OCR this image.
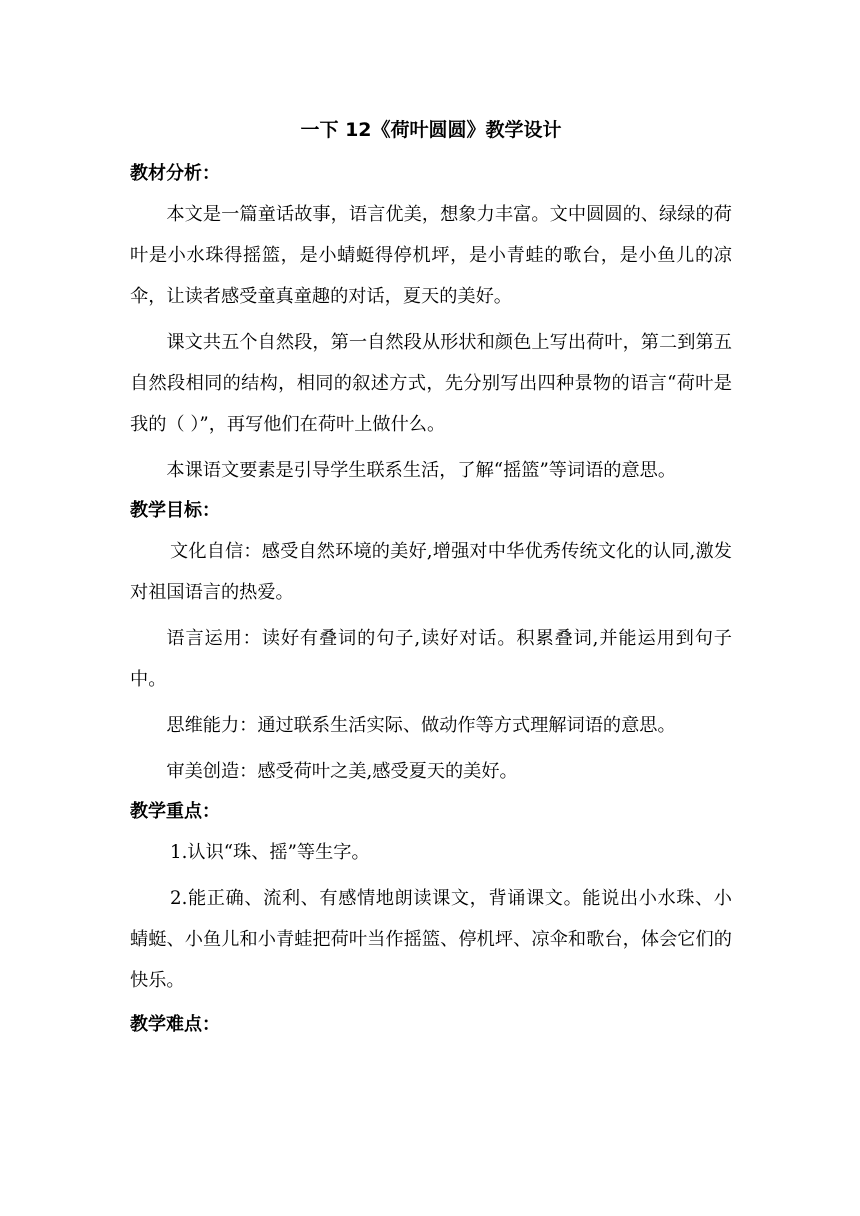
一下 12《荷叶圆圆》教学设计
教材分析：

本文是一篇童话故事，语言优美，想象力丰富。文中圆圆的、绿绿的荷叶是小水珠得摇篮，是小蜻蜓得停机坪，是小青蛙的歌台，是小鱼儿的凉伞，让读者感受童真童趣的对话，夏天的美好。

课文共五个自然段，第一自然段从形状和颜色上写出荷叶，第二到第五自然段相同的结构，相同的叙述方式，先分别写出四种景物的语言“荷叶是我的（ ）”，再写他们在荷叶上做什么。

本课语文要素是引导学生联系生活，了解“摇篮”等词语的意思。

教学目标：

文化自信：感受自然环境的美好,增强对中华优秀传统文化的认同,激发对祖国语言的热爱。

语言运用：读好有叠词的句子,读好对话。积累叠词,并能运用到句子中。

思维能力：通过联系生活实际、做动作等方式理解词语的意思。

审美创造：感受荷叶之美,感受夏天的美好。

教学重点：

1.认识“珠、摇”等生字。

2.能正确、流利、有感情地朗读课文，背诵课文。能说出小水珠、小蜻蜓、小鱼儿和小青蛙把荷叶当作摇篮、停机坪、凉伞和歌台，体会它们的快乐。

教学难点：
